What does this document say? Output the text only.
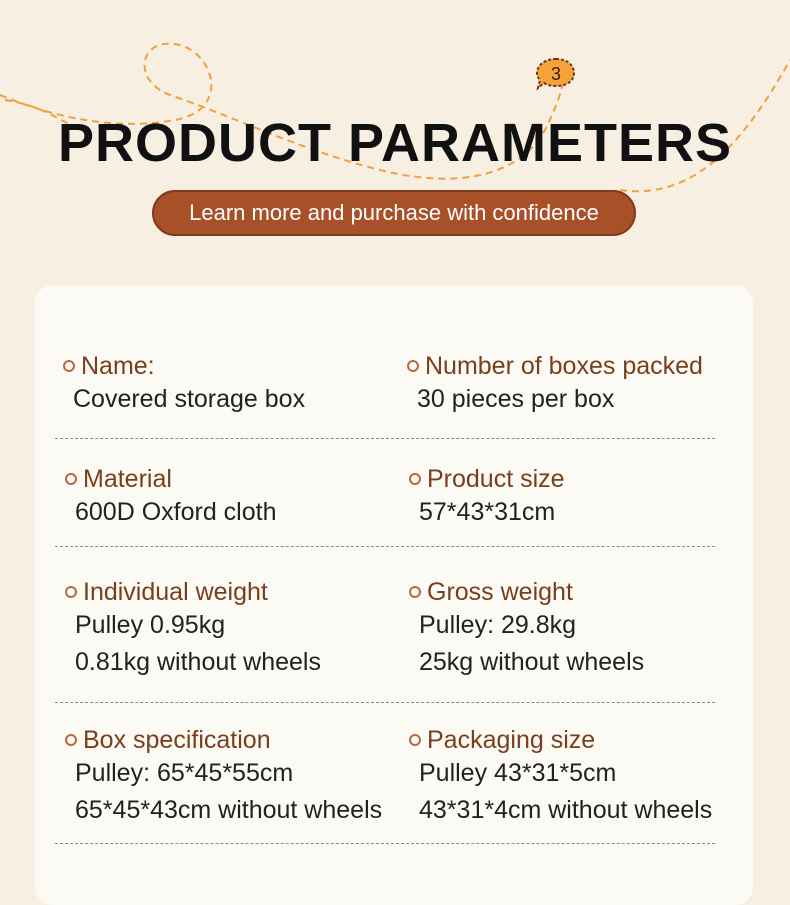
3
PRODUCT PARAMETERS
Learn more and purchase with confidence
Name:
Covered storage box
Number of boxes packed
30 pieces per box
Material
600D Oxford cloth
Product size
57*43*31cm
Individual weight
Pulley 0.95kg
0.81kg without wheels
Gross weight
Pulley: 29.8kg
25kg without wheels
Box specification
Pulley: 65*45*55cm
65*45*43cm without wheels
Packaging size
Pulley 43*31*5cm
43*31*4cm without wheels
